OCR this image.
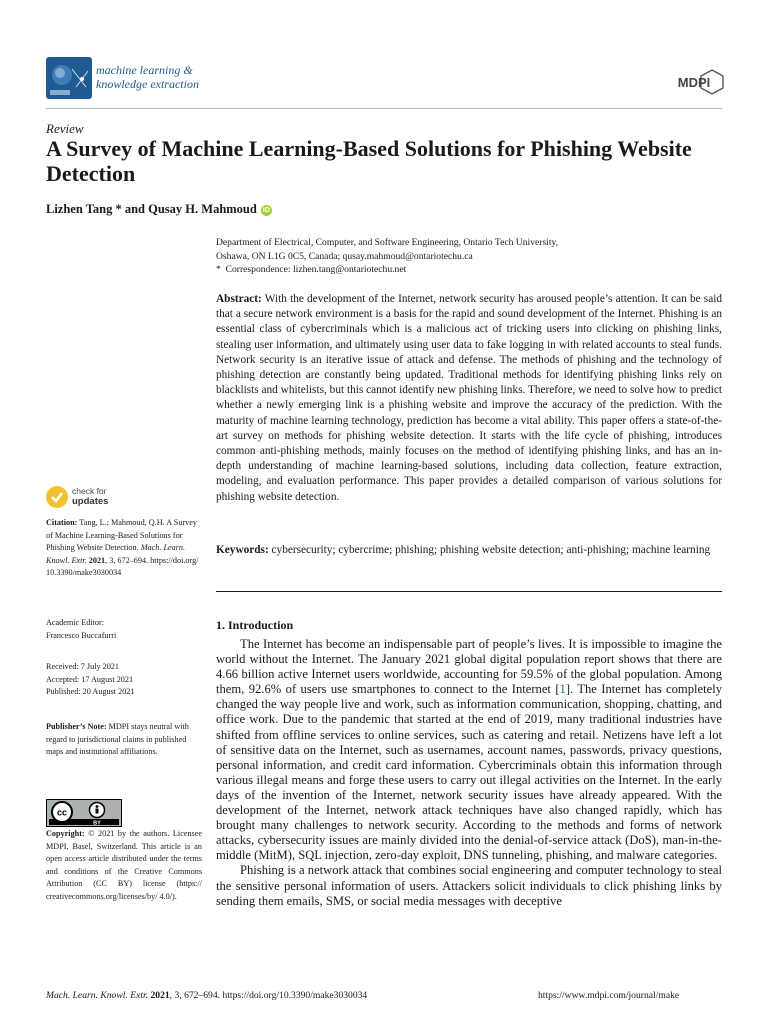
machine learning &
knowledge extraction	MDPI
Review
A Survey of Machine Learning-Based Solutions for Phishing Website Detection
Lizhen Tang * and Qusay H. Mahmoud iD
Department of Electrical, Computer, and Software Engineering, Ontario Tech University,
Oshawa, ON L1G 0C5, Canada; qusay.mahmoud@ontariotechu.ca
* Correspondence: lizhen.tang@ontariotechu.net
Abstract: With the development of the Internet, network security has aroused people’s attention. It can be said that a secure network environment is a basis for the rapid and sound development of the Internet. Phishing is an essential class of cybercriminals which is a malicious act of tricking users into clicking on phishing links, stealing user information, and ultimately using user data to fake logging in with related accounts to steal funds. Network security is an iterative issue of attack and defense. The methods of phishing and the technology of phishing detection are constantly being updated. Traditional methods for identifying phishing links rely on blacklists and whitelists, but this cannot identify new phishing links. Therefore, we need to solve how to predict whether a newly emerging link is a phishing website and improve the accuracy of the prediction. With the maturity of machine learning technology, prediction has become a vital ability. This paper offers a state-of-the-art survey on methods for phishing website detection. It starts with the life cycle of phishing, introduces common anti-phishing methods, mainly focuses on the method of identifying phishing links, and has an in-depth understanding of machine learning-based solutions, including data collection, feature extraction, modeling, and evaluation performance. This paper provides a detailed comparison of various solutions for phishing website detection.
Keywords: cybersecurity; cybercrime; phishing; phishing website detection; anti-phishing; machine learning
1. Introduction

The Internet has become an indispensable part of people’s lives. It is impossible to imagine the world without the Internet. The January 2021 global digital population report shows that there are 4.66 billion active Internet users worldwide, accounting for 59.5% of the global population. Among them, 92.6% of users use smartphones to connect to the Internet [1]. The Internet has completely changed the way people live and work, such as information communication, shopping, chatting, and office work. Due to the pandemic that started at the end of 2019, many traditional industries have shifted from offline services to online services, such as catering and retail. Netizens have left a lot of sensitive data on the Internet, such as usernames, account names, passwords, privacy questions, personal information, and credit card information. Cybercriminals obtain this information through various illegal means and forge these users to carry out illegal activities on the Internet. In the early days of the invention of the Internet, network security issues have already appeared. With the development of the Internet, network attack techniques have also changed rapidly, which has brought many challenges to network security. According to the methods and forms of network attacks, cybersecurity issues are mainly divided into the denial-of-service attack (DoS), man-in-the-middle (MitM), SQL injection, zero-day exploit, DNS tunneling, phishing, and malware categories.

Phishing is a network attack that combines social engineering and computer technology to steal the sensitive personal information of users. Attackers solicit individuals to click phishing links by sending them emails, SMS, or social media messages with deceptive

check for
updates
Citation: Tang, L.; Mahmoud, Q.H. A Survey of Machine Learning-Based Solutions for Phishing Website Detection. Mach. Learn. Knowl. Extr. 2021, 3, 672–694. https://doi.org/ 10.3390/make3030034
Academic Editor:
Francesco Buccafurri
Received: 7 July 2021
Accepted: 17 August 2021
Published: 20 August 2021
Publisher’s Note: MDPI stays neutral with regard to jurisdictional claims in published maps and institutional affiliations.
cc
BY
Copyright: © 2021 by the authors. Licensee MDPI, Basel, Switzerland. This article is an open access article distributed under the terms and conditions of the Creative Commons Attribution (CC BY) license (https:// creativecommons.org/licenses/by/ 4.0/).
Mach. Learn. Knowl. Extr. 2021, 3, 672–694. https://doi.org/10.3390/make3030034	https://www.mdpi.com/journal/make
